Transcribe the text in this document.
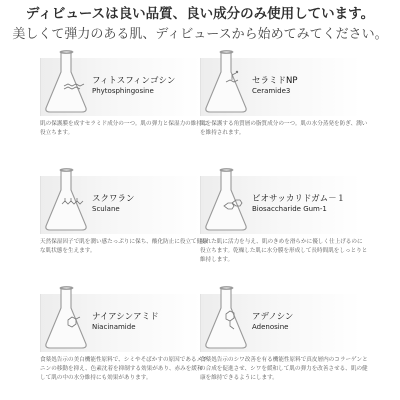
ディビュースは良い品質、良い成分のみ使用しています。
美しくて弾力のある肌、ディビュースから始めてみてください。
フィトスフィンゴシン
Phytosphingosine
肌の保護膜を成すセラミド成分の一つ。肌の弾力と保湿力の維持に役立ちます。
セラミドNP
Ceramide3
肌を保護する角質層の脂質成分の一つ。肌の水分蒸発を防ぎ、潤いを維持されます。
スクワラン
Sculane
天然保湿因子で肌を潤い感たっぷりに保ち、酸化防止に役立て健康な肌状態を生えます。
ビオサッカリドガム－１
Biosaccharide Gum-1
疲れた肌に活力を与え、肌のきめを滑らかに優しく仕上げるのに役立ちます。乾燥した肌に水分膜を形成して長時間肌をしっとりと維持します。
ナイアシンアミド
Niacinamide
食薬処告示の美白機能性原料で、シミやそばかすの原因であるメラニンの移動を抑え、色素沈着を抑制する効果があり、赤みを緩和して肌の中の水分維持にも効果があります。
アデノシン
Adenosine
食薬処告示のシワ改善を有る機能性原料で真皮層内のコラーゲンとの合成を促進させ、シワを緩和して肌の弾力を改善させる、肌の健康を維持できるようにします。
